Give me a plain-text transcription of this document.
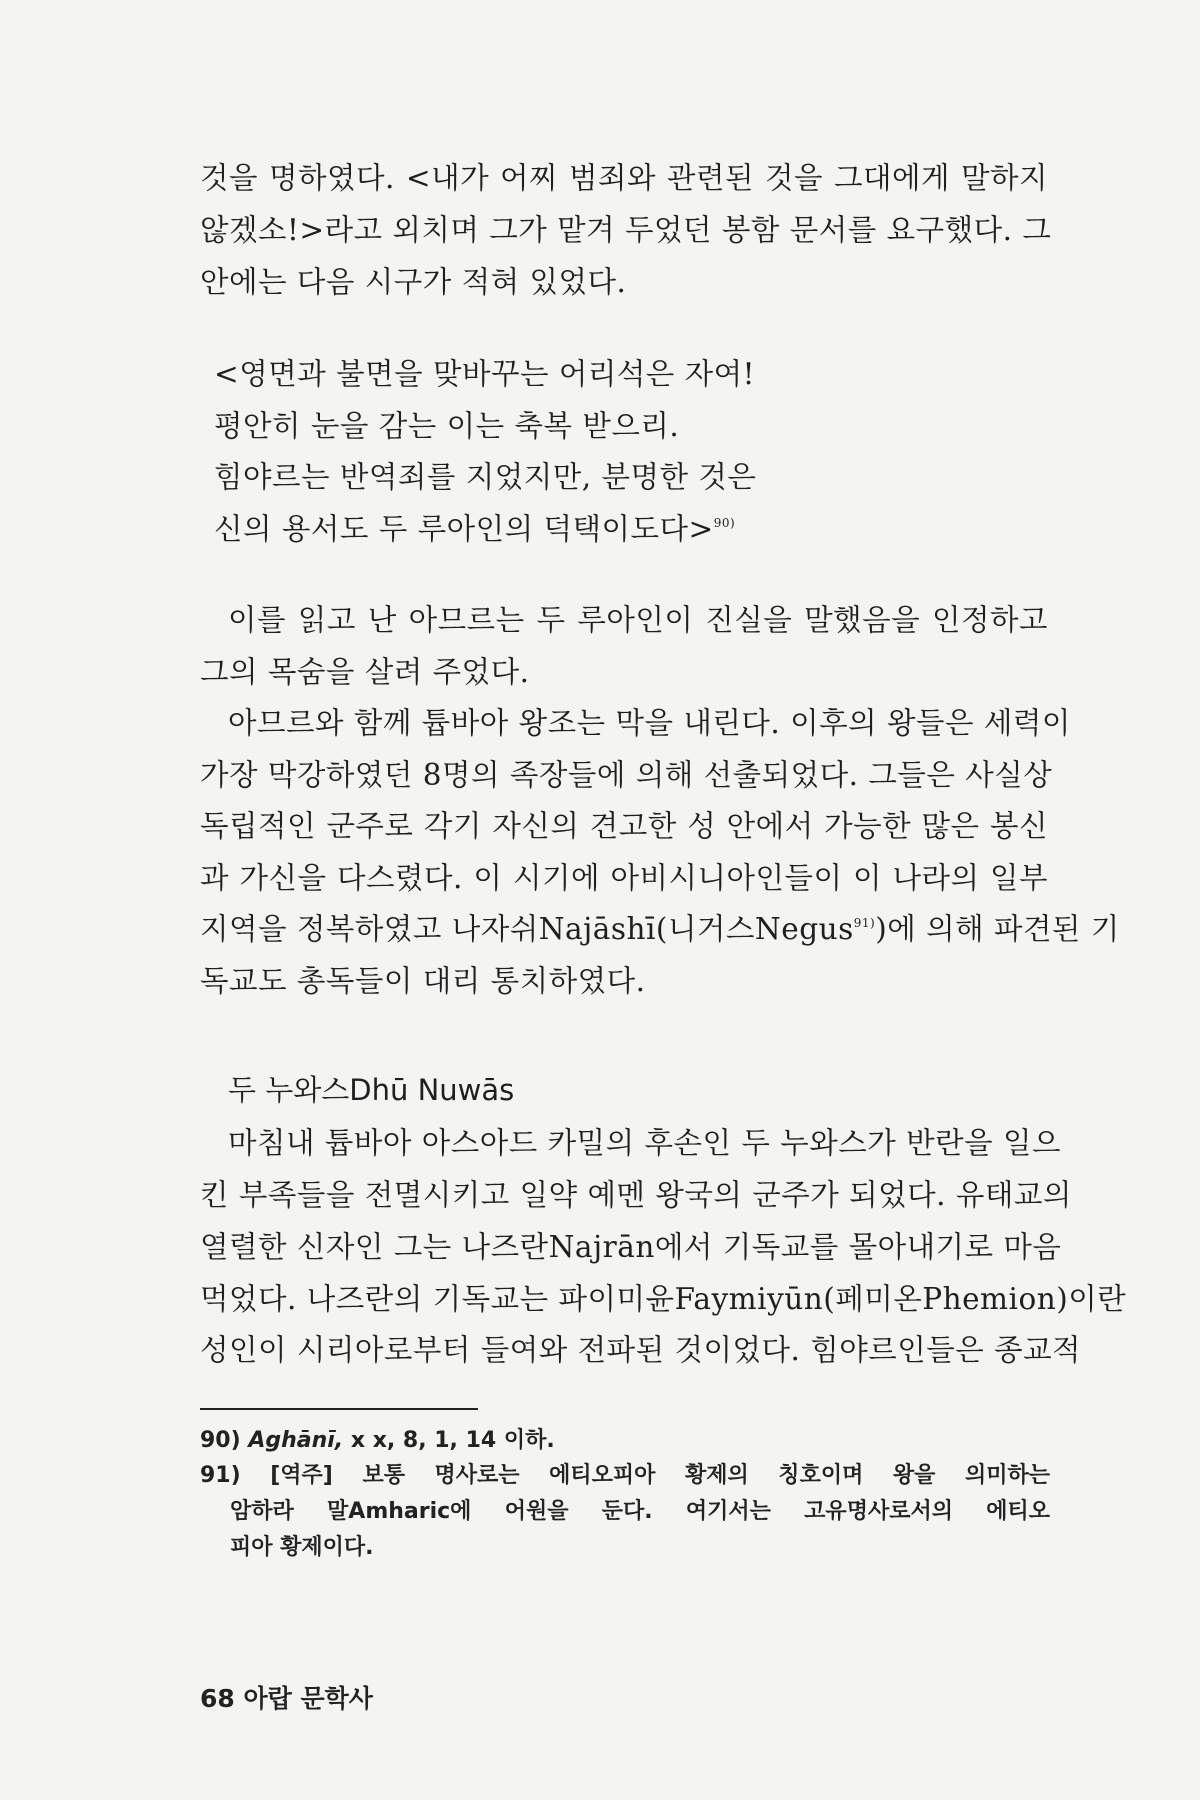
것을 명하였다. <내가 어찌 범죄와 관련된 것을 그대에게 말하지
않겠소!>라고 외치며 그가 맡겨 두었던 봉함 문서를 요구했다. 그
안에는 다음 시구가 적혀 있었다.
<영면과 불면을 맞바꾸는 어리석은 자여!
평안히 눈을 감는 이는 축복 받으리.
힘야르는 반역죄를 지었지만, 분명한 것은
신의 용서도 두 루아인의 덕택이도다>$^{90)}$
이를 읽고 난 아므르는 두 루아인이 진실을 말했음을 인정하고
그의 목숨을 살려 주었다.
아므르와 함께 튭바아 왕조는 막을 내린다. 이후의 왕들은 세력이
가장 막강하였던 8명의 족장들에 의해 선출되었다. 그들은 사실상
독립적인 군주로 각기 자신의 견고한 성 안에서 가능한 많은 봉신
과 가신을 다스렸다. 이 시기에 아비시니아인들이 이 나라의 일부
지역을 정복하였고 나자쉬Najāshī(니거스Negus$^{91)}$)에 의해 파견된 기
독교도 총독들이 대리 통치하였다.
두 누와스Dhū Nuwās
마침내 튭바아 아스아드 카밀의 후손인 두 누와스가 반란을 일으
킨 부족들을 전멸시키고 일약 예멘 왕국의 군주가 되었다. 유태교의
열렬한 신자인 그는 나즈란Najrān에서 기독교를 몰아내기로 마음
먹었다. 나즈란의 기독교는 파이미윤Faymiyūn(페미온Phemion)이란
성인이 시리아로부터 들여와 전파된 것이었다. 힘야르인들은 종교적
90) Aghānī, x x, 8, 1, 14 이하.
91) [역주] 보통 명사로는 에티오피아 황제의 칭호이며 왕을 의미하는
암하라 말Amharic에 어원을 둔다. 여기서는 고유명사로서의 에티오
피아 황제이다.
68 아랍 문학사
